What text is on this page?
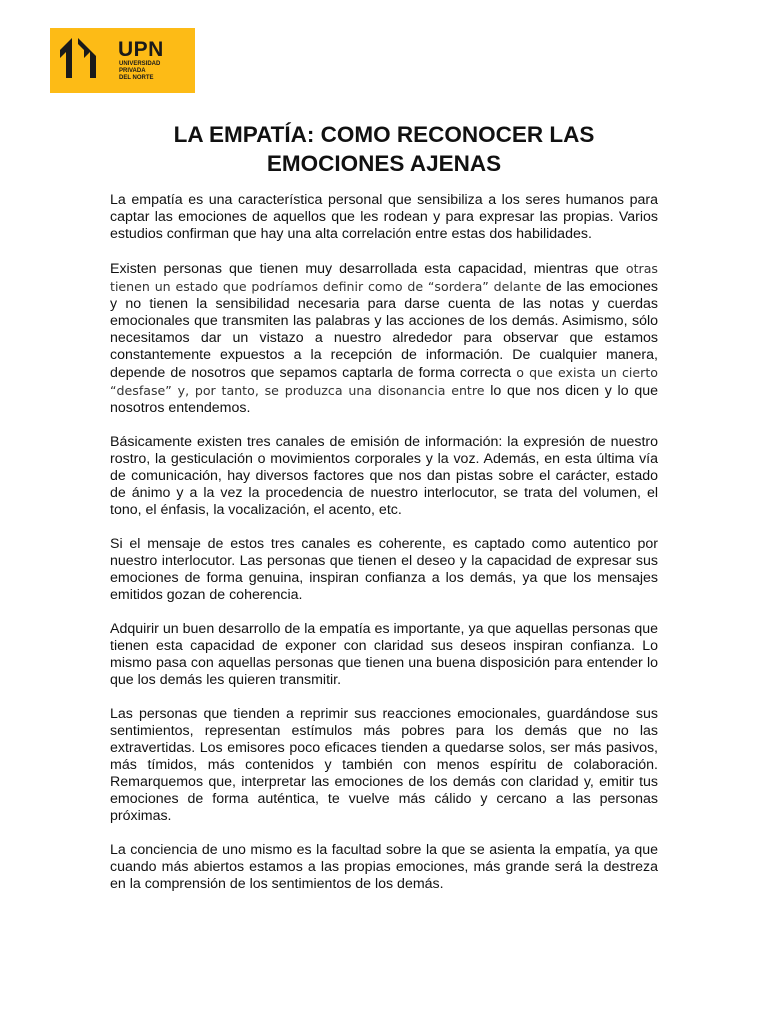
UPN
UNIVERSIDAD
PRIVADA
DEL NORTE
LA EMPATÍA: COMO RECONOCER LAS EMOCIONES AJENAS

La empatía es una característica personal que sensibiliza a los seres humanos para captar las emociones de aquellos que les rodean y para expresar las propias. Varios estudios confirman que hay una alta correlación entre estas dos habilidades.

Existen personas que tienen muy desarrollada esta capacidad, mientras que otras tienen un estado que podríamos definir como de “sordera” delante de las emociones y no tienen la sensibilidad necesaria para darse cuenta de las notas y cuerdas emocionales que transmiten las palabras y las acciones de los demás. Asimismo, sólo necesitamos dar un vistazo a nuestro alrededor para observar que estamos constantemente expuestos a la recepción de información. De cualquier manera, depende de nosotros que sepamos captarla de forma correcta o que exista un cierto “desfase” y, por tanto, se produzca una disonancia entre lo que nos dicen y lo que nosotros entendemos.

Básicamente existen tres canales de emisión de información: la expresión de nuestro rostro, la gesticulación o movimientos corporales y la voz. Además, en esta última vía de comunicación, hay diversos factores que nos dan pistas sobre el carácter, estado de ánimo y a la vez la procedencia de nuestro interlocutor, se trata del volumen, el tono, el énfasis, la vocalización, el acento, etc.

Si el mensaje de estos tres canales es coherente, es captado como autentico por nuestro interlocutor. Las personas que tienen el deseo y la capacidad de expresar sus emociones de forma genuina, inspiran confianza a los demás, ya que los mensajes emitidos gozan de coherencia.

Adquirir un buen desarrollo de la empatía es importante, ya que aquellas personas que tienen esta capacidad de exponer con claridad sus deseos inspiran confianza. Lo mismo pasa con aquellas personas que tienen una buena disposición para entender lo que los demás les quieren transmitir.

Las personas que tienden a reprimir sus reacciones emocionales, guardándose sus sentimientos, representan estímulos más pobres para los demás que no las extravertidas. Los emisores poco eficaces tienden a quedarse solos, ser más pasivos, más tímidos, más contenidos y también con menos espíritu de colaboración. Remarquemos que, interpretar las emociones de los demás con claridad y, emitir tus emociones de forma auténtica, te vuelve más cálido y cercano a las personas próximas.

La conciencia de uno mismo es la facultad sobre la que se asienta la empatía, ya que cuando más abiertos estamos a las propias emociones, más grande será la destreza en la comprensión de los sentimientos de los demás.
